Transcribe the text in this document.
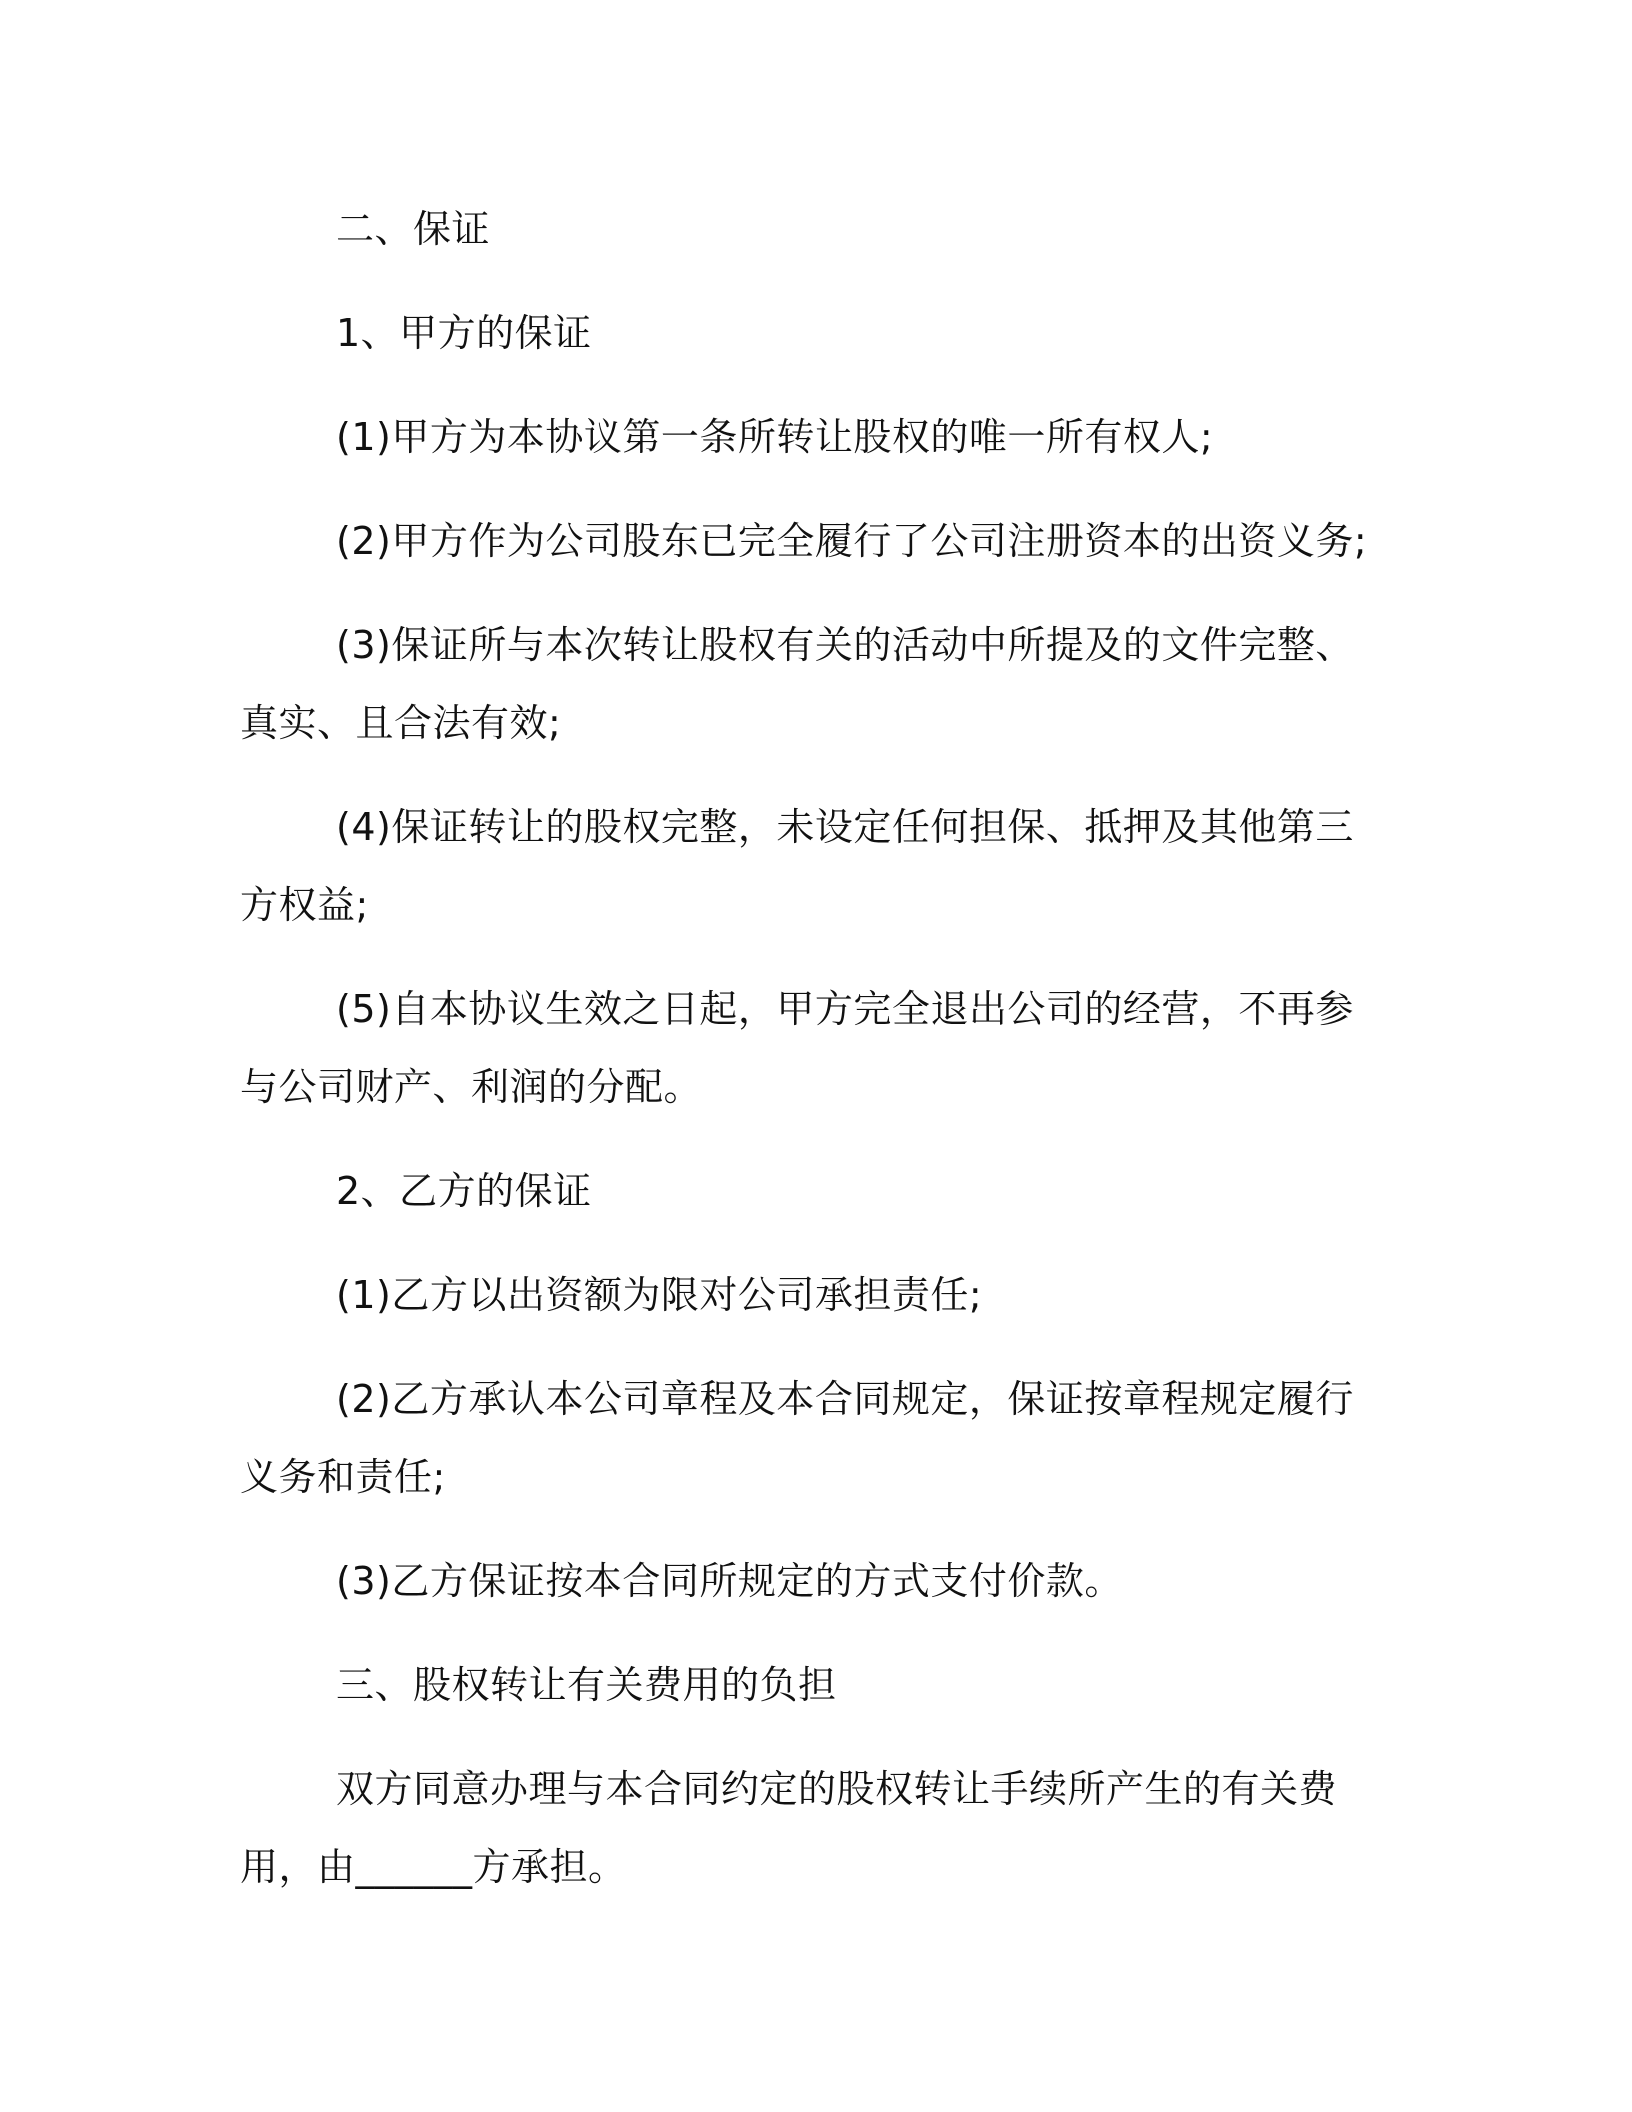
二、保证

1、甲方的保证

(1)甲方为本协议第一条所转让股权的唯一所有权人;

(2)甲方作为公司股东已完全履行了公司注册资本的出资义务;

(3)保证所与本次转让股权有关的活动中所提及的文件完整、真实、且合法有效;

(4)保证转让的股权完整，未设定任何担保、抵押及其他第三方权益;

(5)自本协议生效之日起，甲方完全退出公司的经营，不再参与公司财产、利润的分配。

2、乙方的保证

(1)乙方以出资额为限对公司承担责任;

(2)乙方承认本公司章程及本合同规定，保证按章程规定履行义务和责任;

(3)乙方保证按本合同所规定的方式支付价款。

三、股权转让有关费用的负担

双方同意办理与本合同约定的股权转让手续所产生的有关费用，由______方承担。
